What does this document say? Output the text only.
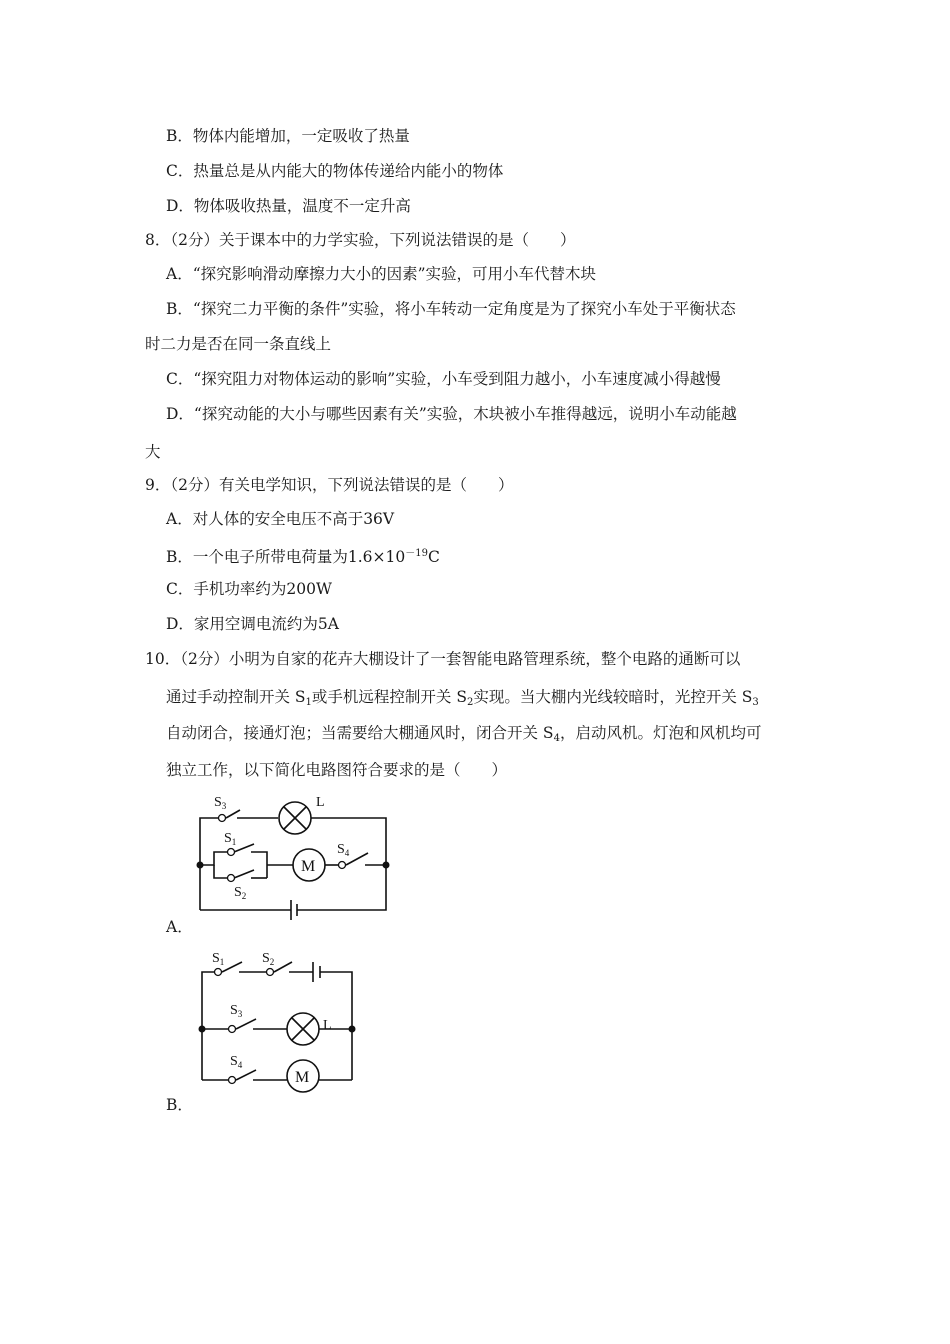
B．物体内能增加，一定吸收了热量
C．热量总是从内能大的物体传递给内能小的物体
D．物体吸收热量，温度不一定升高
8．（2分）关于课本中的力学实验，下列说法错误的是（　　）
A．“探究影响滑动摩擦力大小的因素”实验，可用小车代替木块
B．“探究二力平衡的条件”实验，将小车转动一定角度是为了探究小车处于平衡状态
时二力是否在同一条直线上
C．“探究阻力对物体运动的影响”实验，小车受到阻力越小，小车速度减小得越慢
D．“探究动能的大小与哪些因素有关”实验，木块被小车推得越远，说明小车动能越
大
9．（2分）有关电学知识，下列说法错误的是（　　）
A．对人体的安全电压不高于36V
B．一个电子所带电荷量为$1.6\times 10^{-19}C$
C．手机功率约为200W
D．家用空调电流约为5A
10．（2分）小明为自家的花卉大棚设计了一套智能电路管理系统，整个电路的通断可以
通过手动控制开关 $S_1$或手机远程控制开关 $S_2$实现。当大棚内光线较暗时，光控开关 $S_3$
自动闭合，接通灯泡；当需要给大棚通风时，闭合开关 $S_4$，启动风机。灯泡和风机均可
独立工作，以下简化电路图符合要求的是（　　）
$S_3$	L
$S_1$
$S_2$
$S_4$
M
A．
$S_1$	$S_2$
$S_3$
L
$S_4$
M
B．
